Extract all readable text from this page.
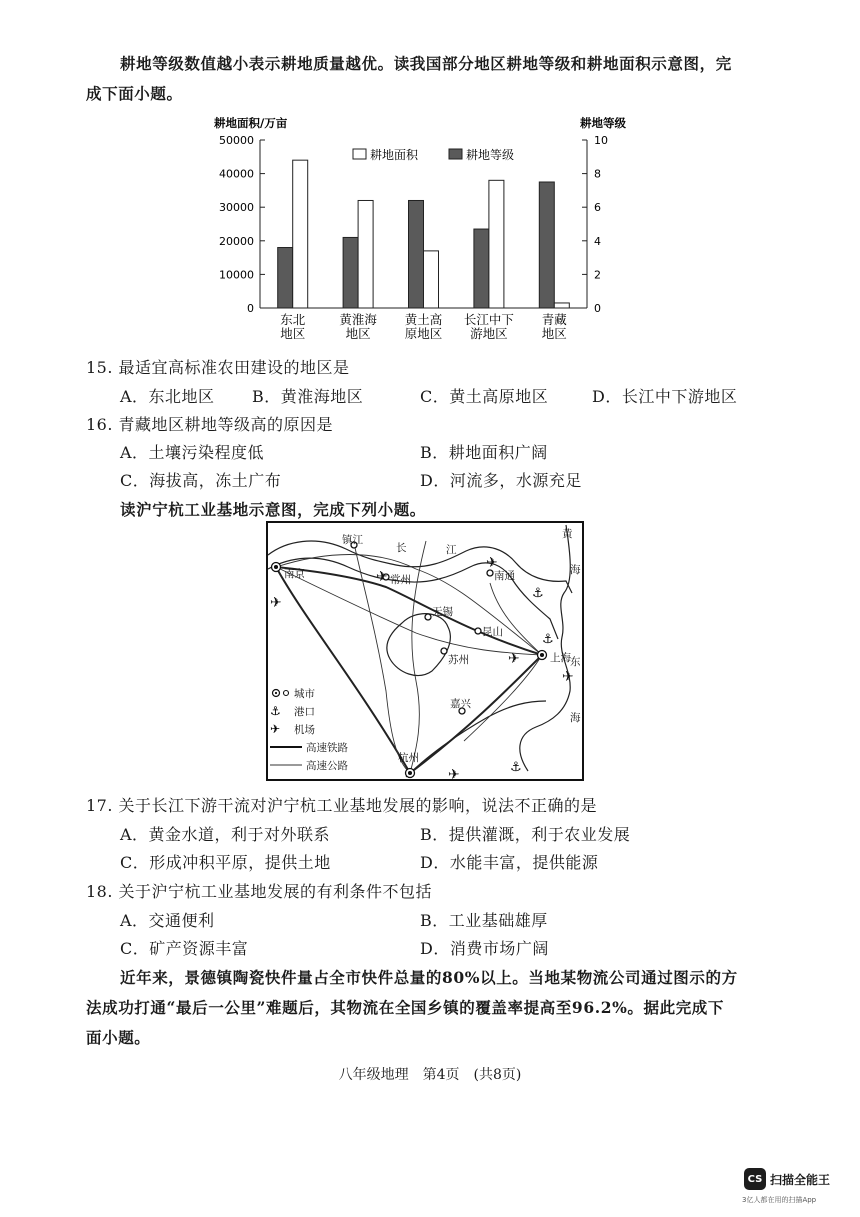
耕地等级数值越小表示耕地质量越优。读我国部分地区耕地等级和耕地面积示意图，完
成下面小题。
耕地面积/万亩	耕地等级
50000
40000
30000
20000
10000
0
10
8
6
4
2
0
东北
地区
黄淮海
地区
黄土高
原地区
长江中下
游地区
青藏
地区
耕地面积	耕地等级
15. 最适宜高标准农田建设的地区是
A．东北地区 B．黄淮海地区	C．黄土高原地区	D．长江中下游地区
16. 青藏地区耕地等级高的原因是
A．土壤污染程度低	B．耕地面积广阔
C．海拔高，冻土广布	D．河流多，水源充足
读沪宁杭工业基地示意图，完成下列小题。
✈
✈
✈
✈
✈
✈
⚓
⚓
⚓
南京
镇江
常州
无锡
昆山
苏州
南通
上海
嘉兴
杭州
长	江
黄
海
东
海
城市
⚓ 港口
✈ 机场
高速铁路
高速公路
17. 关于长江下游干流对沪宁杭工业基地发展的影响，说法不正确的是
A．黄金水道，利于对外联系	B．提供灌溉，利于农业发展
C．形成冲积平原，提供土地	D．水能丰富，提供能源
18. 关于沪宁杭工业基地发展的有利条件不包括
A．交通便利	B．工业基础雄厚
C．矿产资源丰富	D．消费市场广阔
近年来，景德镇陶瓷快件量占全市快件总量的80%以上。当地某物流公司通过图示的方
法成功打通“最后一公里”难题后，其物流在全国乡镇的覆盖率提高至96.2%。据此完成下
面小题。
八年级地理　第4页　(共8页)
CS 扫描全能王
3亿人都在用的扫描App
